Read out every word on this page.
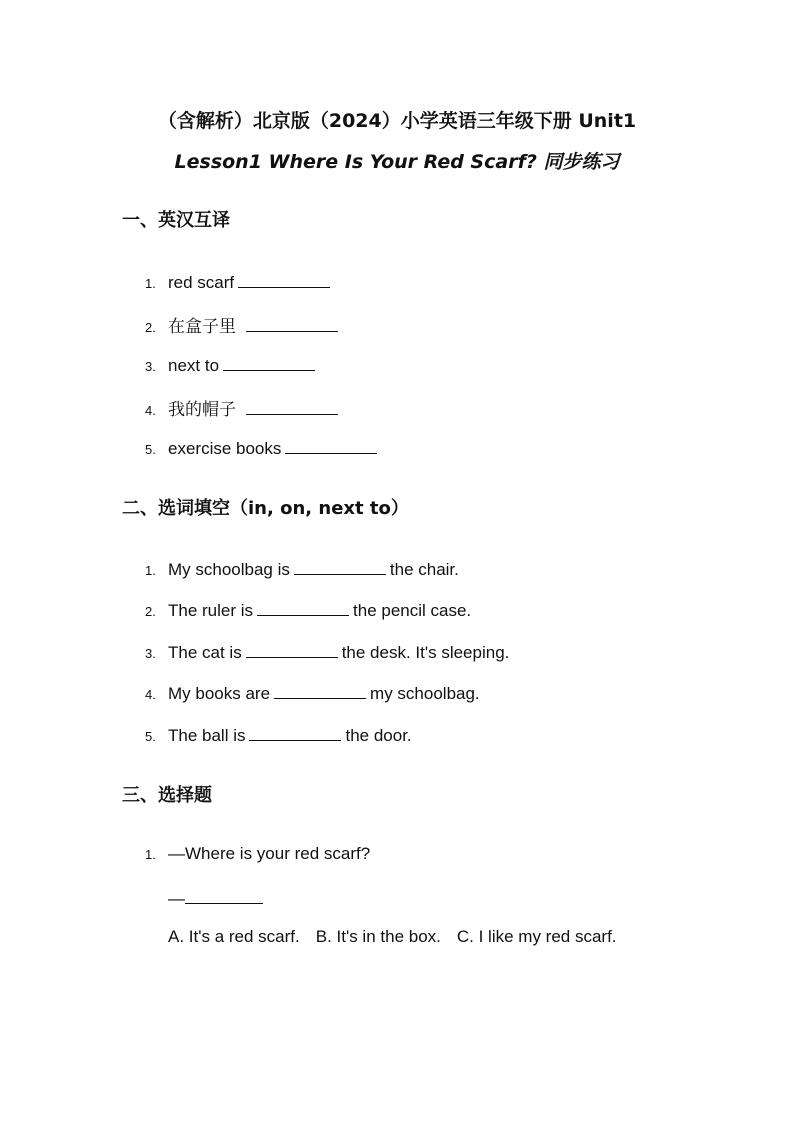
（含解析）北京版（2024）小学英语三年级下册 Unit1
Lesson1 Where Is Your Red Scarf? 同步练习
一、英汉互译
1. red scarf
2. 在盒子里
3. next to
4. 我的帽子
5. exercise books
二、选词填空（in, on, next to）
1. My schoolbag is	the chair.
2. The ruler is	the pencil case.
3. The cat is	the desk. It's sleeping.
4. My books are	my schoolbag.
5. The ball is	the door.
三、选择题
1. —Where is your red scarf?
—
A. It's a red scarf. B. It's in the box. C. I like my red scarf.
